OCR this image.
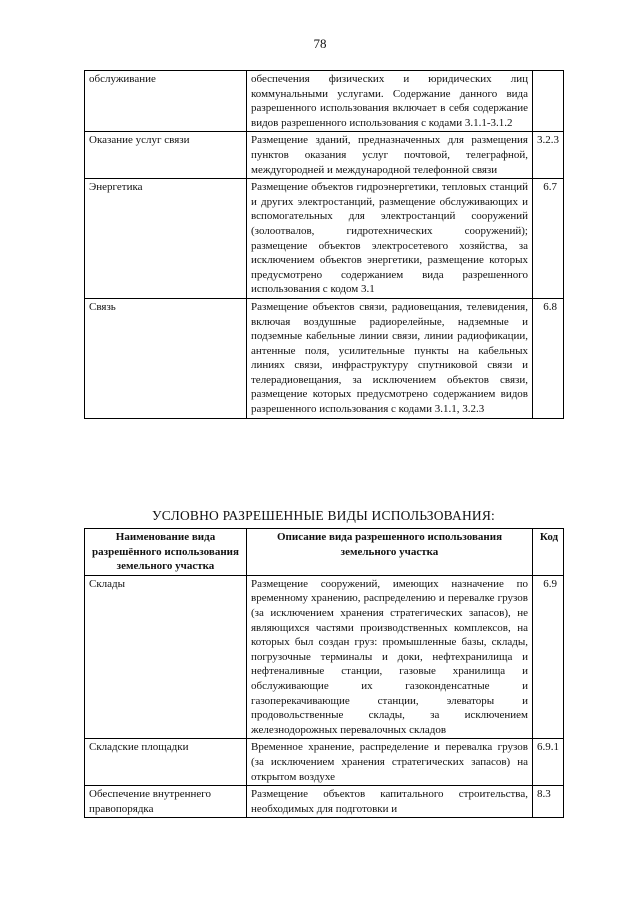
78
обслуживание	обеспечения физических и юридических лиц коммунальными услугами. Содержание данного вида разрешенного использования включает в себя содержание видов разрешенного использования с кодами 3.1.1-3.1.2	
Оказание услуг связи	Размещение зданий, предназначенных для размещения пунктов оказания услуг почтовой, телеграфной, междугородней и международной телефонной связи	3.2.3
Энергетика	Размещение объектов гидроэнергетики, тепловых станций и других электростанций, размещение обслуживающих и вспомогательных для электростанций сооружений (золоотвалов, гидротехнических сооружений); размещение объектов электросетевого хозяйства, за исключением объектов энергетики, размещение которых предусмотрено содержанием вида разрешенного использования с кодом 3.1	6.7
Связь	Размещение объектов связи, радиовещания, телевидения, включая воздушные радиорелейные, надземные и подземные кабельные линии связи, линии радиофикации, антенные поля, усилительные пункты на кабельных линиях связи, инфраструктуру спутниковой связи и телерадиовещания, за исключением объектов связи, размещение которых предусмотрено содержанием видов разрешенного использования с кодами 3.1.1, 3.2.3	6.8
УСЛОВНО РАЗРЕШЕННЫЕ ВИДЫ ИСПОЛЬЗОВАНИЯ:
Наименование вида разрешённого использования земельного участка	Описание вида разрешенного использования земельного участка	Код
Склады	Размещение сооружений, имеющих назначение по временному хранению, распределению и перевалке грузов (за исключением хранения стратегических запасов), не являющихся частями производственных комплексов, на которых был создан груз: промышленные базы, склады, погрузочные терминалы и доки, нефтехранилища и нефтеналивные станции, газовые хранилища и обслуживающие их газоконденсатные и газоперекачивающие станции, элеваторы и продовольственные склады, за исключением железнодорожных перевалочных складов	6.9
Складские площадки	Временное хранение, распределение и перевалка грузов (за исключением хранения стратегических запасов) на открытом воздухе	6.9.1
Обеспечение внутреннего правопорядка	Размещение объектов капитального строительства, необходимых для подготовки и	8.3
